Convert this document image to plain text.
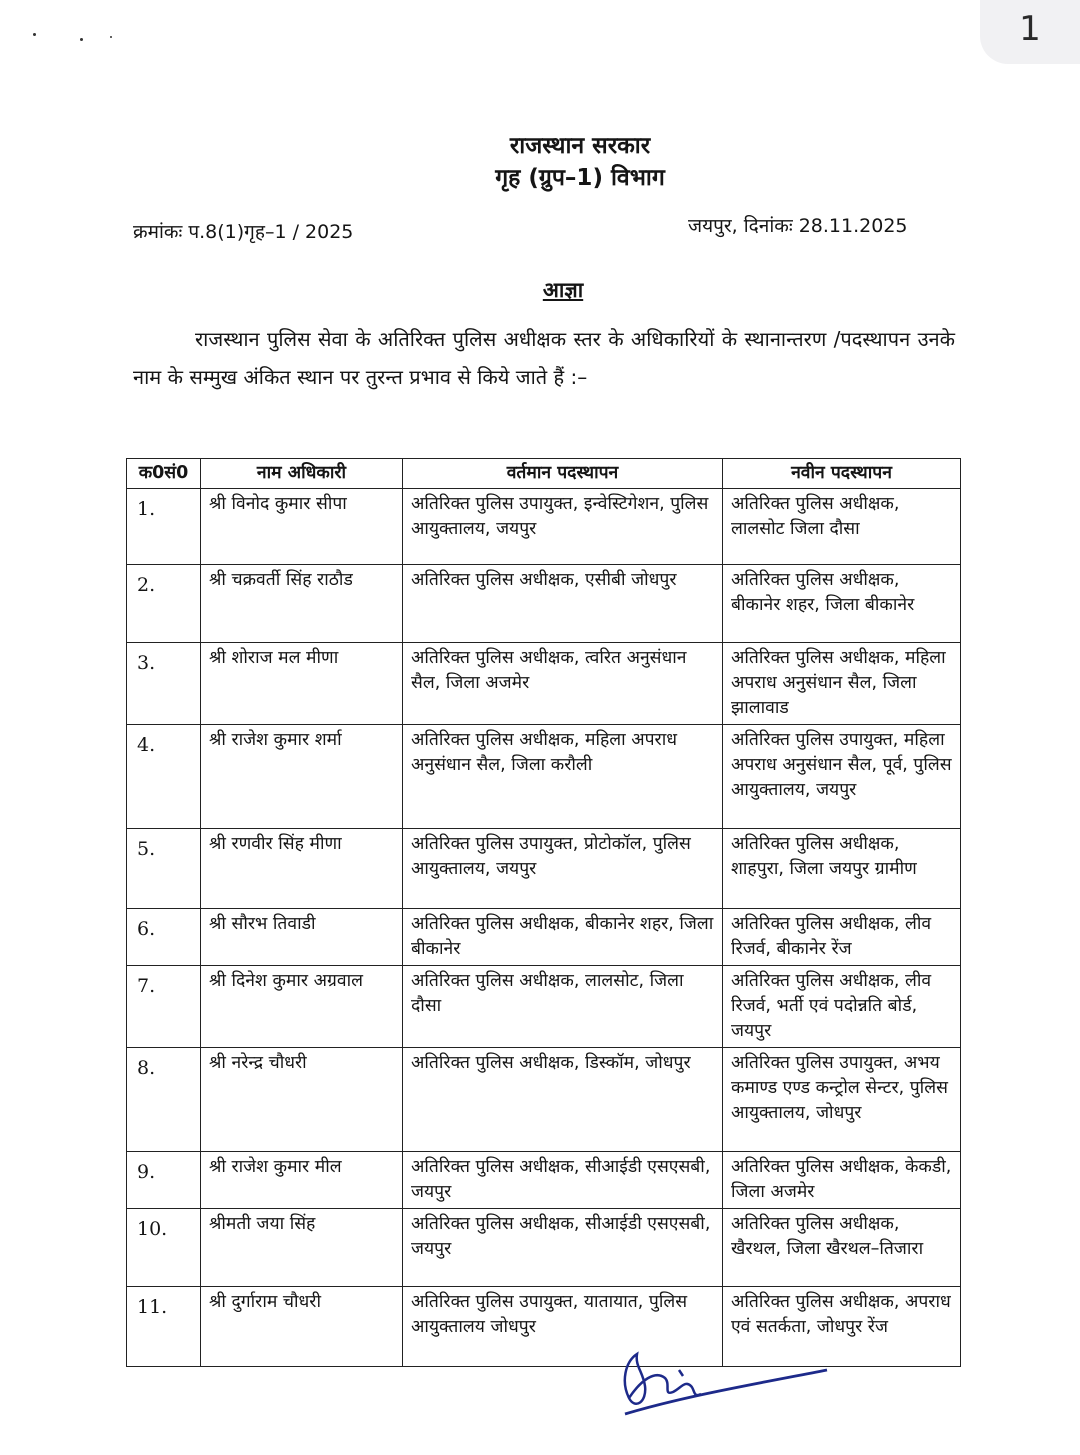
1
राजस्थान सरकार
गृह (ग्रुप–1) विभाग
क्रमांकः प.8(1)गृह–1 / 2025	जयपुर, दिनांकः 28.11.2025
आज्ञा
राजस्थान पुलिस सेवा के अतिरिक्त पुलिस अधीक्षक स्तर के अधिकारियों के स्थानान्तरण /पदस्थापन उनके नाम के सम्मुख अंकित स्थान पर तुरन्त प्रभाव से किये जाते हैं :–
क0सं0	नाम अधिकारी	वर्तमान पदस्थापन	नवीन पदस्थापन
1.	श्री विनोद कुमार सीपा	अतिरिक्त पुलिस उपायुक्त, इन्वेस्टिगेशन, पुलिस आयुक्तालय, जयपुर	अतिरिक्त पुलिस अधीक्षक, लालसोट जिला दौसा
2.	श्री चक्रवर्ती सिंह राठौड	अतिरिक्त पुलिस अधीक्षक, एसीबी जोधपुर	अतिरिक्त पुलिस अधीक्षक, बीकानेर शहर, जिला बीकानेर
3.	श्री शोराज मल मीणा	अतिरिक्त पुलिस अधीक्षक, त्वरित अनुसंधान सैल, जिला अजमेर	अतिरिक्त पुलिस अधीक्षक, महिला अपराध अनुसंधान सैल, जिला झालावाड
4.	श्री राजेश कुमार शर्मा	अतिरिक्त पुलिस अधीक्षक, महिला अपराध अनुसंधान सैल, जिला करौली	अतिरिक्त पुलिस उपायुक्त, महिला अपराध अनुसंधान सैल, पूर्व, पुलिस आयुक्तालय, जयपुर
5.	श्री रणवीर सिंह मीणा	अतिरिक्त पुलिस उपायुक्त, प्रोटोकॉल, पुलिस आयुक्तालय, जयपुर	अतिरिक्त पुलिस अधीक्षक, शाहपुरा, जिला जयपुर ग्रामीण
6.	श्री सौरभ तिवाडी	अतिरिक्त पुलिस अधीक्षक, बीकानेर शहर, जिला बीकानेर	अतिरिक्त पुलिस अधीक्षक, लीव रिजर्व, बीकानेर रेंज
7.	श्री दिनेश कुमार अग्रवाल	अतिरिक्त पुलिस अधीक्षक, लालसोट, जिला दौसा	अतिरिक्त पुलिस अधीक्षक, लीव रिजर्व, भर्ती एवं पदोन्नति बोर्ड, जयपुर
8.	श्री नरेन्द्र चौधरी	अतिरिक्त पुलिस अधीक्षक, डिस्कॉम, जोधपुर	अतिरिक्त पुलिस उपायुक्त, अभय कमाण्ड एण्ड कन्ट्रोल सेन्टर, पुलिस आयुक्तालय, जोधपुर
9.	श्री राजेश कुमार मील	अतिरिक्त पुलिस अधीक्षक, सीआईडी एसएसबी, जयपुर	अतिरिक्त पुलिस अधीक्षक, केकडी, जिला अजमेर
10.	श्रीमती जया सिंह	अतिरिक्त पुलिस अधीक्षक, सीआईडी एसएसबी, जयपुर	अतिरिक्त पुलिस अधीक्षक, खैरथल, जिला खैरथल–तिजारा
11.	श्री दुर्गाराम चौधरी	अतिरिक्त पुलिस उपायुक्त, यातायात, पुलिस आयुक्तालय जोधपुर	अतिरिक्त पुलिस अधीक्षक, अपराध एवं सतर्कता, जोधपुर रेंज
